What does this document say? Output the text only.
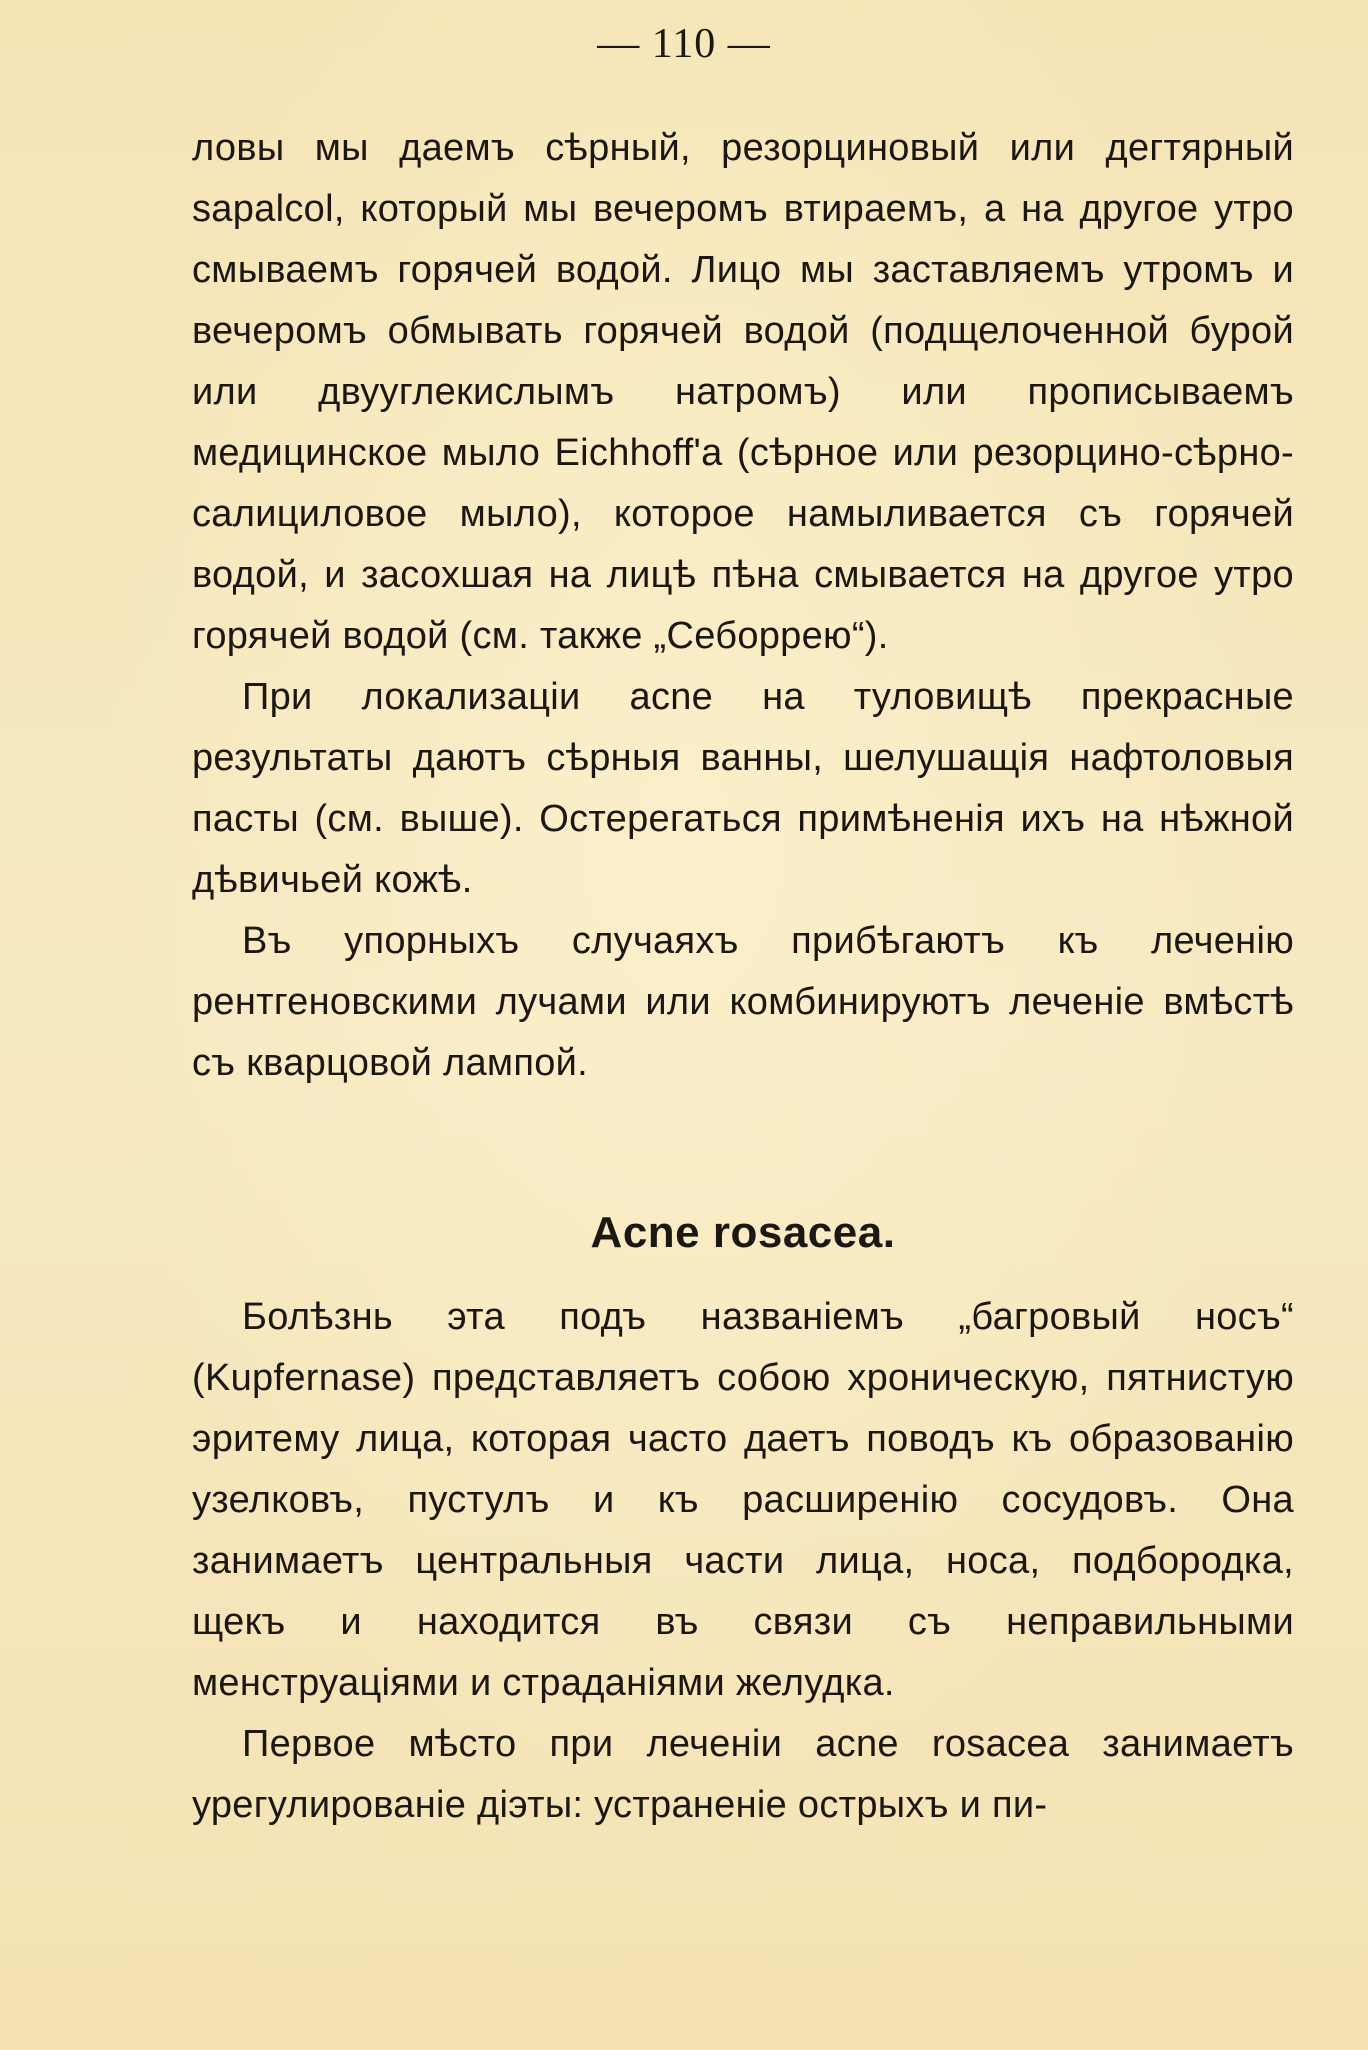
— 110 —

ловы мы даемъ сѣрный, резорциновый или дегтярный sapalcol, который мы вечеромъ втираемъ, а на другое утро смываемъ горячей водой. Лицо мы заставляемъ утромъ и вечеромъ обмывать горячей водой (подщелоченной бурой или двууглекислымъ натромъ) или прописываемъ медицинское мыло Eichhoff'a (сѣрное или резорцино-сѣрно-салициловое мыло), которое намыливается съ горячей водой, и засохшая на лицѣ пѣна смывается на другое утро горячей водой (см. также „Себоррею“).

При локализацiи acne на туловищѣ прекрасные результаты даютъ сѣрныя ванны, шелушащiя нафтоловыя пасты (см. выше). Остерегаться примѣненiя ихъ на нѣжной дѣвичьей кожѣ.

Въ упорныхъ случаяхъ прибѣгаютъ къ леченiю рентгеновскими лучами или комбинируютъ леченiе вмѣстѣ съ кварцовой лампой.

Acne rosacea.

Болѣзнь эта подъ названiемъ „багровый носъ“ (Kupfernase) представляетъ собою хроническую, пятнистую эритему лица, которая часто даетъ поводъ къ образованiю узелковъ, пустулъ и къ расширенiю сосудовъ. Она занимаетъ центральныя части лица, носа, подбородка, щекъ и находится въ связи съ неправильными менструацiями и страданiями желудка.

Первое мѣсто при леченiи acne rosacea занимаетъ урегулированiе дiэты: устраненiе острыхъ и пи-
